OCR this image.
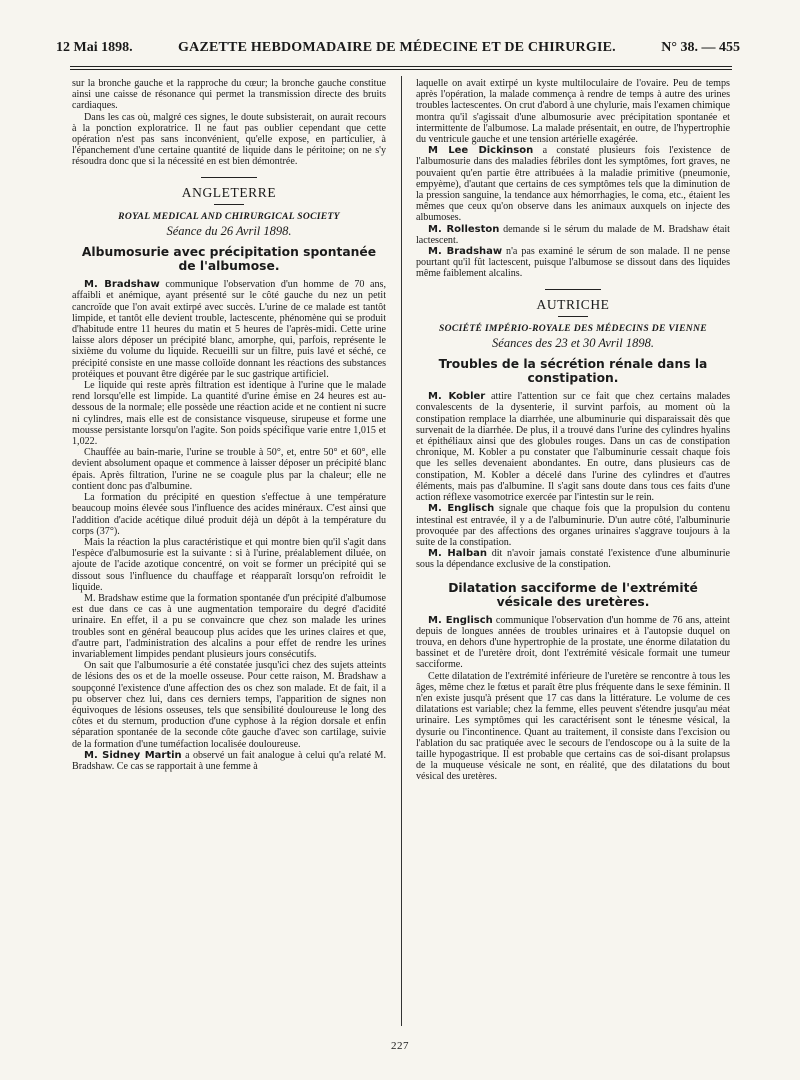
12 Mai 1898.	GAZETTE HEBDOMADAIRE DE MÉDECINE ET DE CHIRURGIE.	N° 38. — 455

sur la bronche gauche et la rapproche du cœur; la bronche gauche constitue ainsi une caisse de résonance qui permet la transmission directe des bruits cardiaques.

Dans les cas où, malgré ces signes, le doute subsisterait, on aurait recours à la ponction exploratrice. Il ne faut pas oublier cependant que cette opération n'est pas sans inconvénient, qu'elle expose, en particulier, à l'épanchement d'une certaine quantité de liquide dans le péritoine; on ne s'y résoudra donc que si la nécessité en est bien démontrée.

ANGLETERRE
ROYAL MEDICAL AND CHIRURGICAL SOCIETY
Séance du 26 Avril 1898.
Albumosurie avec précipitation spontanée de l'albumose.

M. Bradshaw communique l'observation d'un homme de 70 ans, affaibli et anémique, ayant présenté sur le côté gauche du nez un petit cancroïde que l'on avait extirpé avec succès. L'urine de ce malade est tantôt limpide, et tantôt elle devient trouble, lactescente, phénomène qui se produit d'habitude entre 11 heures du matin et 5 heures de l'après-midi. Cette urine laisse alors déposer un précipité blanc, amorphe, qui, parfois, représente le sixième du volume du liquide. Recueilli sur un filtre, puis lavé et séché, ce précipité consiste en une masse colloïde donnant les réactions des substances protéiques et pouvant être digérée par le suc gastrique artificiel.

Le liquide qui reste après filtration est identique à l'urine que le malade rend lorsqu'elle est limpide. La quantité d'urine émise en 24 heures est au-dessous de la normale; elle possède une réaction acide et ne contient ni sucre ni cylindres, mais elle est de consistance visqueuse, sirupeuse et forme une mousse persistante lorsqu'on l'agite. Son poids spécifique varie entre 1,015 et 1,022.

Chauffée au bain-marie, l'urine se trouble à 50°, et, entre 50° et 60°, elle devient absolument opaque et commence à laisser déposer un précipité blanc épais. Après filtration, l'urine ne se coagule plus par la chaleur; elle ne contient donc pas d'albumine.

La formation du précipité en question s'effectue à une température beaucoup moins élevée sous l'influence des acides minéraux. C'est ainsi que l'addition d'acide acétique dilué produit déjà un dépôt à la température du corps (37°).

Mais la réaction la plus caractéristique et qui montre bien qu'il s'agit dans l'espèce d'albumosurie est la suivante : si à l'urine, préalablement diluée, on ajoute de l'acide azotique concentré, on voit se former un précipité qui se dissout sous l'influence du chauffage et réapparaît lorsqu'on refroidit le liquide.

M. Bradshaw estime que la formation spontanée d'un précipité d'albumose est due dans ce cas à une augmentation temporaire du degré d'acidité urinaire. En effet, il a pu se convaincre que chez son malade les urines troubles sont en général beaucoup plus acides que les urines claires et que, d'autre part, l'administration des alcalins a pour effet de rendre les urines invariablement limpides pendant plusieurs jours consécutifs.

On sait que l'albumosurie a été constatée jusqu'ici chez des sujets atteints de lésions des os et de la moelle osseuse. Pour cette raison, M. Bradshaw a soupçonné l'existence d'une affection des os chez son malade. Et de fait, il a pu observer chez lui, dans ces derniers temps, l'apparition de signes non équivoques de lésions osseuses, tels que sensibilité douloureuse le long des côtes et du sternum, production d'une cyphose à la région dorsale et enfin séparation spontanée de la seconde côte gauche d'avec son cartilage, suivie de la formation d'une tuméfaction localisée douloureuse.

M. Sidney Martin a observé un fait analogue à celui qu'a relaté M. Bradshaw. Ce cas se rapportait à une femme à

laquelle on avait extirpé un kyste multiloculaire de l'ovaire. Peu de temps après l'opération, la malade commença à rendre de temps à autre des urines troubles lactescentes. On crut d'abord à une chylurie, mais l'examen chimique montra qu'il s'agissait d'une albumosurie avec précipitation spontanée et intermittente de l'albumose. La malade présentait, en outre, de l'hypertrophie du ventricule gauche et une tension artérielle exagérée.

M Lee Dickinson a constaté plusieurs fois l'existence de l'albumosurie dans des maladies fébriles dont les symptômes, fort graves, ne pouvaient qu'en partie être attribuées à la maladie primitive (pneumonie, empyème), d'autant que certains de ces symptômes tels que la diminution de la pression sanguine, la tendance aux hémorrhagies, le coma, etc., étaient les mêmes que ceux qu'on observe dans les animaux auxquels on injecte des albumoses.

M. Rolleston demande si le sérum du malade de M. Bradshaw était lactescent.

M. Bradshaw n'a pas examiné le sérum de son malade. Il ne pense pourtant qu'il fût lactescent, puisque l'albumose se dissout dans des liquides même faiblement alcalins.

AUTRICHE
SOCIÉTÉ IMPÉRIO-ROYALE DES MÉDECINS DE VIENNE
Séances des 23 et 30 Avril 1898.
Troubles de la sécrétion rénale dans la constipation.

M. Kobler attire l'attention sur ce fait que chez certains malades convalescents de la dysenterie, il survint parfois, au moment où la constipation remplace la diarrhée, une albuminurie qui disparaissait dès que survenait de la diarrhée. De plus, il a trouvé dans l'urine des cylindres hyalins et épithéliaux ainsi que des globules rouges. Dans un cas de constipation chronique, M. Kobler a pu constater que l'albuminurie cessait chaque fois que les selles devenaient abondantes. En outre, dans plusieurs cas de constipation, M. Kobler a décelé dans l'urine des cylindres et d'autres éléments, mais pas d'albumine. Il s'agit sans doute dans tous ces faits d'une action réflexe vasomotrice exercée par l'intestin sur le rein.

M. Englisch signale que chaque fois que la propulsion du contenu intestinal est entravée, il y a de l'albuminurie. D'un autre côté, l'albuminurie provoquée par des affections des organes urinaires s'aggrave toujours à la suite de la constipation.

M. Halban dit n'avoir jamais constaté l'existence d'une albuminurie sous la dépendance exclusive de la constipation.

Dilatation sacciforme de l'extrémité vésicale des uretères.

M. Englisch communique l'observation d'un homme de 76 ans, atteint depuis de longues années de troubles urinaires et à l'autopsie duquel on trouva, en dehors d'une hypertrophie de la prostate, une énorme dilatation du bassinet et de l'uretère droit, dont l'extrémité vésicale formait une tumeur sacciforme.

Cette dilatation de l'extrémité inférieure de l'uretère se rencontre à tous les âges, même chez le fœtus et paraît être plus fréquente dans le sexe féminin. Il n'en existe jusqu'à présent que 17 cas dans la littérature. Le volume de ces dilatations est variable; chez la femme, elles peuvent s'étendre jusqu'au méat urinaire. Les symptômes qui les caractérisent sont le ténesme vésical, la dysurie ou l'incontinence. Quant au traitement, il consiste dans l'excision ou l'ablation du sac pratiquée avec le secours de l'endoscope ou à la suite de la taille hypogastrique. Il est probable que certains cas de soi-disant prolapsus de la muqueuse vésicale ne sont, en réalité, que des dilatations du bout vésical des uretères.

227
